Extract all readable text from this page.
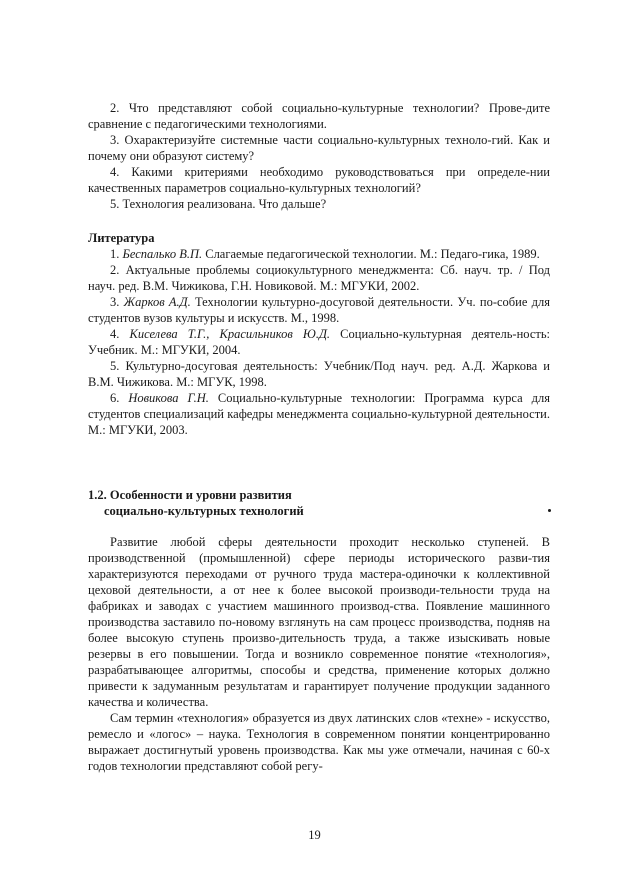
2. Что представляют собой социально-культурные технологии? Прове-дите сравнение с педагогическими технологиями.

3. Охарактеризуйте системные части социально-культурных техноло-гий. Как и почему они образуют систему?

4. Какими критериями необходимо руководствоваться при определе-нии качественных параметров социально-культурных технологий?

5. Технология реализована. Что дальше?

Литература

1. Беспалько В.П. Слагаемые педагогической технологии. М.: Педаго-гика, 1989.

2. Актуальные проблемы социокультурного менеджмента: Сб. науч. тр. / Под науч. ред. В.М. Чижикова, Г.Н. Новиковой. М.: МГУКИ, 2002.

3. Жарков А.Д. Технологии культурно-досуговой деятельности. Уч. по-собие для студентов вузов культуры и искусств. М., 1998.

4. Киселева Т.Г., Красильников Ю.Д. Социально-культурная деятель-ность: Учебник. М.: МГУКИ, 2004.

5. Культурно-досуговая деятельность: Учебник/Под науч. ред. А.Д. Жаркова и В.М. Чижикова. М.: МГУК, 1998.

6. Новикова Г.Н. Социально-культурные технологии: Программа курса для студентов специализаций кафедры менеджмента социально-культурной деятельности. М.: МГУКИ, 2003.

1.2. Особенности и уровни развития

социально-культурных технологий

Развитие любой сферы деятельности проходит несколько ступеней. В производственной (промышленной) сфере периоды исторического разви-тия характеризуются переходами от ручного труда мастера-одиночки к коллективной цеховой деятельности, а от нее к более высокой производи-тельности труда на фабриках и заводах с участием машинного производ-ства. Появление машинного производства заставило по-новому взглянуть на сам процесс производства, подняв на более высокую ступень произво-дительность труда, а также изыскивать новые резервы в его повышении. Тогда и возникло современное понятие «технология», разрабатывающее алгоритмы, способы и средства, применение которых должно привести к задуманным результатам и гарантирует получение продукции заданного качества и количества.

Сам термин «технология» образуется из двух латинских слов «техне» - искусство, ремесло и «логос» – наука. Технология в современном понятии концентрированно выражает достигнутый уровень производства. Как мы уже отмечали, начиная с 60-х годов технологии представляют собой регу-

19
